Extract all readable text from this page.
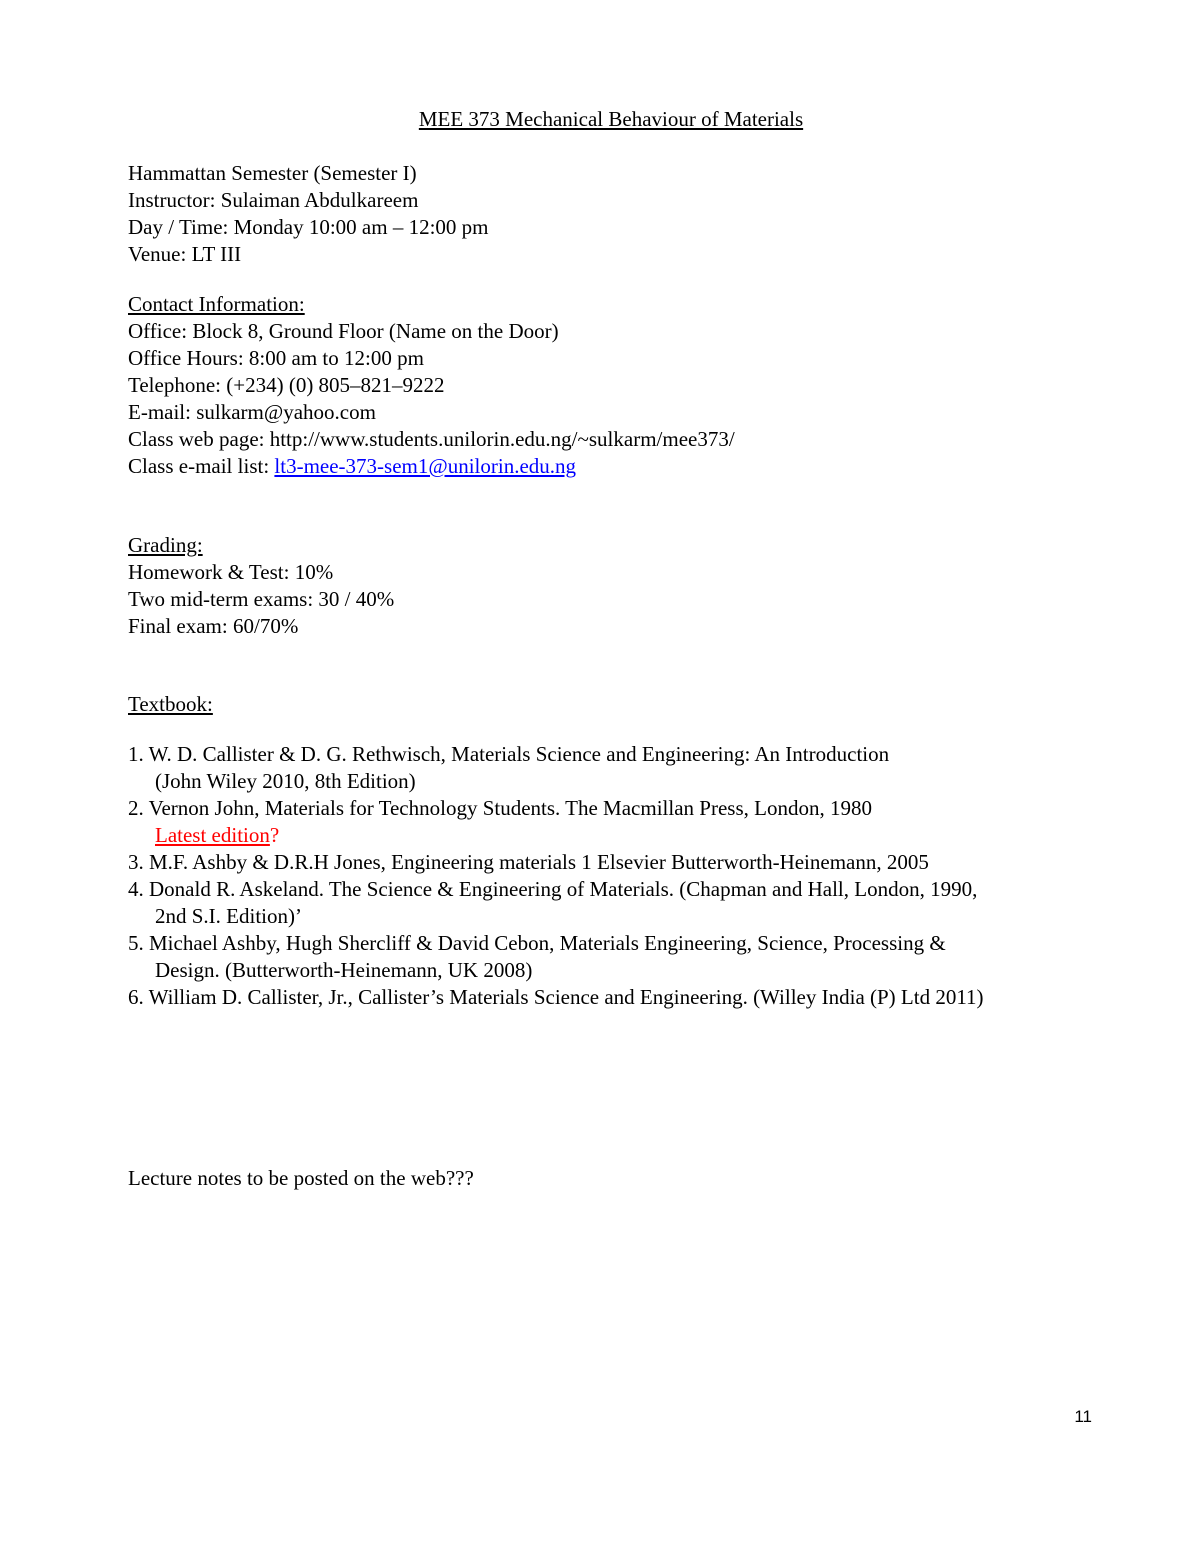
MEE 373 Mechanical Behaviour of Materials
Hammattan Semester (Semester I)
Instructor: Sulaiman Abdulkareem
Day / Time: Monday 10:00 am – 12:00 pm
Venue: LT III
Contact Information:
Office: Block 8, Ground Floor (Name on the Door)
Office Hours: 8:00 am to 12:00 pm
Telephone: (+234) (0) 805–821–9222
E-mail: sulkarm@yahoo.com
Class web page: http://www.students.unilorin.edu.ng/~sulkarm/mee373/
Class e-mail list: lt3-mee-373-sem1@unilorin.edu.ng
Grading:
Homework & Test: 10%
Two mid-term exams: 30 / 40%
Final exam: 60/70%
Textbook:
1. W. D. Callister & D. G. Rethwisch, Materials Science and Engineering: An Introduction
(John Wiley 2010, 8th Edition)
2. Vernon John, Materials for Technology Students. The Macmillan Press, London, 1980
Latest edition?
3. M.F. Ashby & D.R.H Jones, Engineering materials 1 Elsevier Butterworth-Heinemann, 2005
4. Donald R. Askeland. The Science & Engineering of Materials. (Chapman and Hall, London, 1990,
2nd S.I. Edition)’
5. Michael Ashby, Hugh Shercliff & David Cebon, Materials Engineering, Science, Processing &
Design. (Butterworth-Heinemann, UK 2008)
6. William D. Callister, Jr., Callister’s Materials Science and Engineering. (Willey India (P) Ltd 2011)
Lecture notes to be posted on the web???
11
